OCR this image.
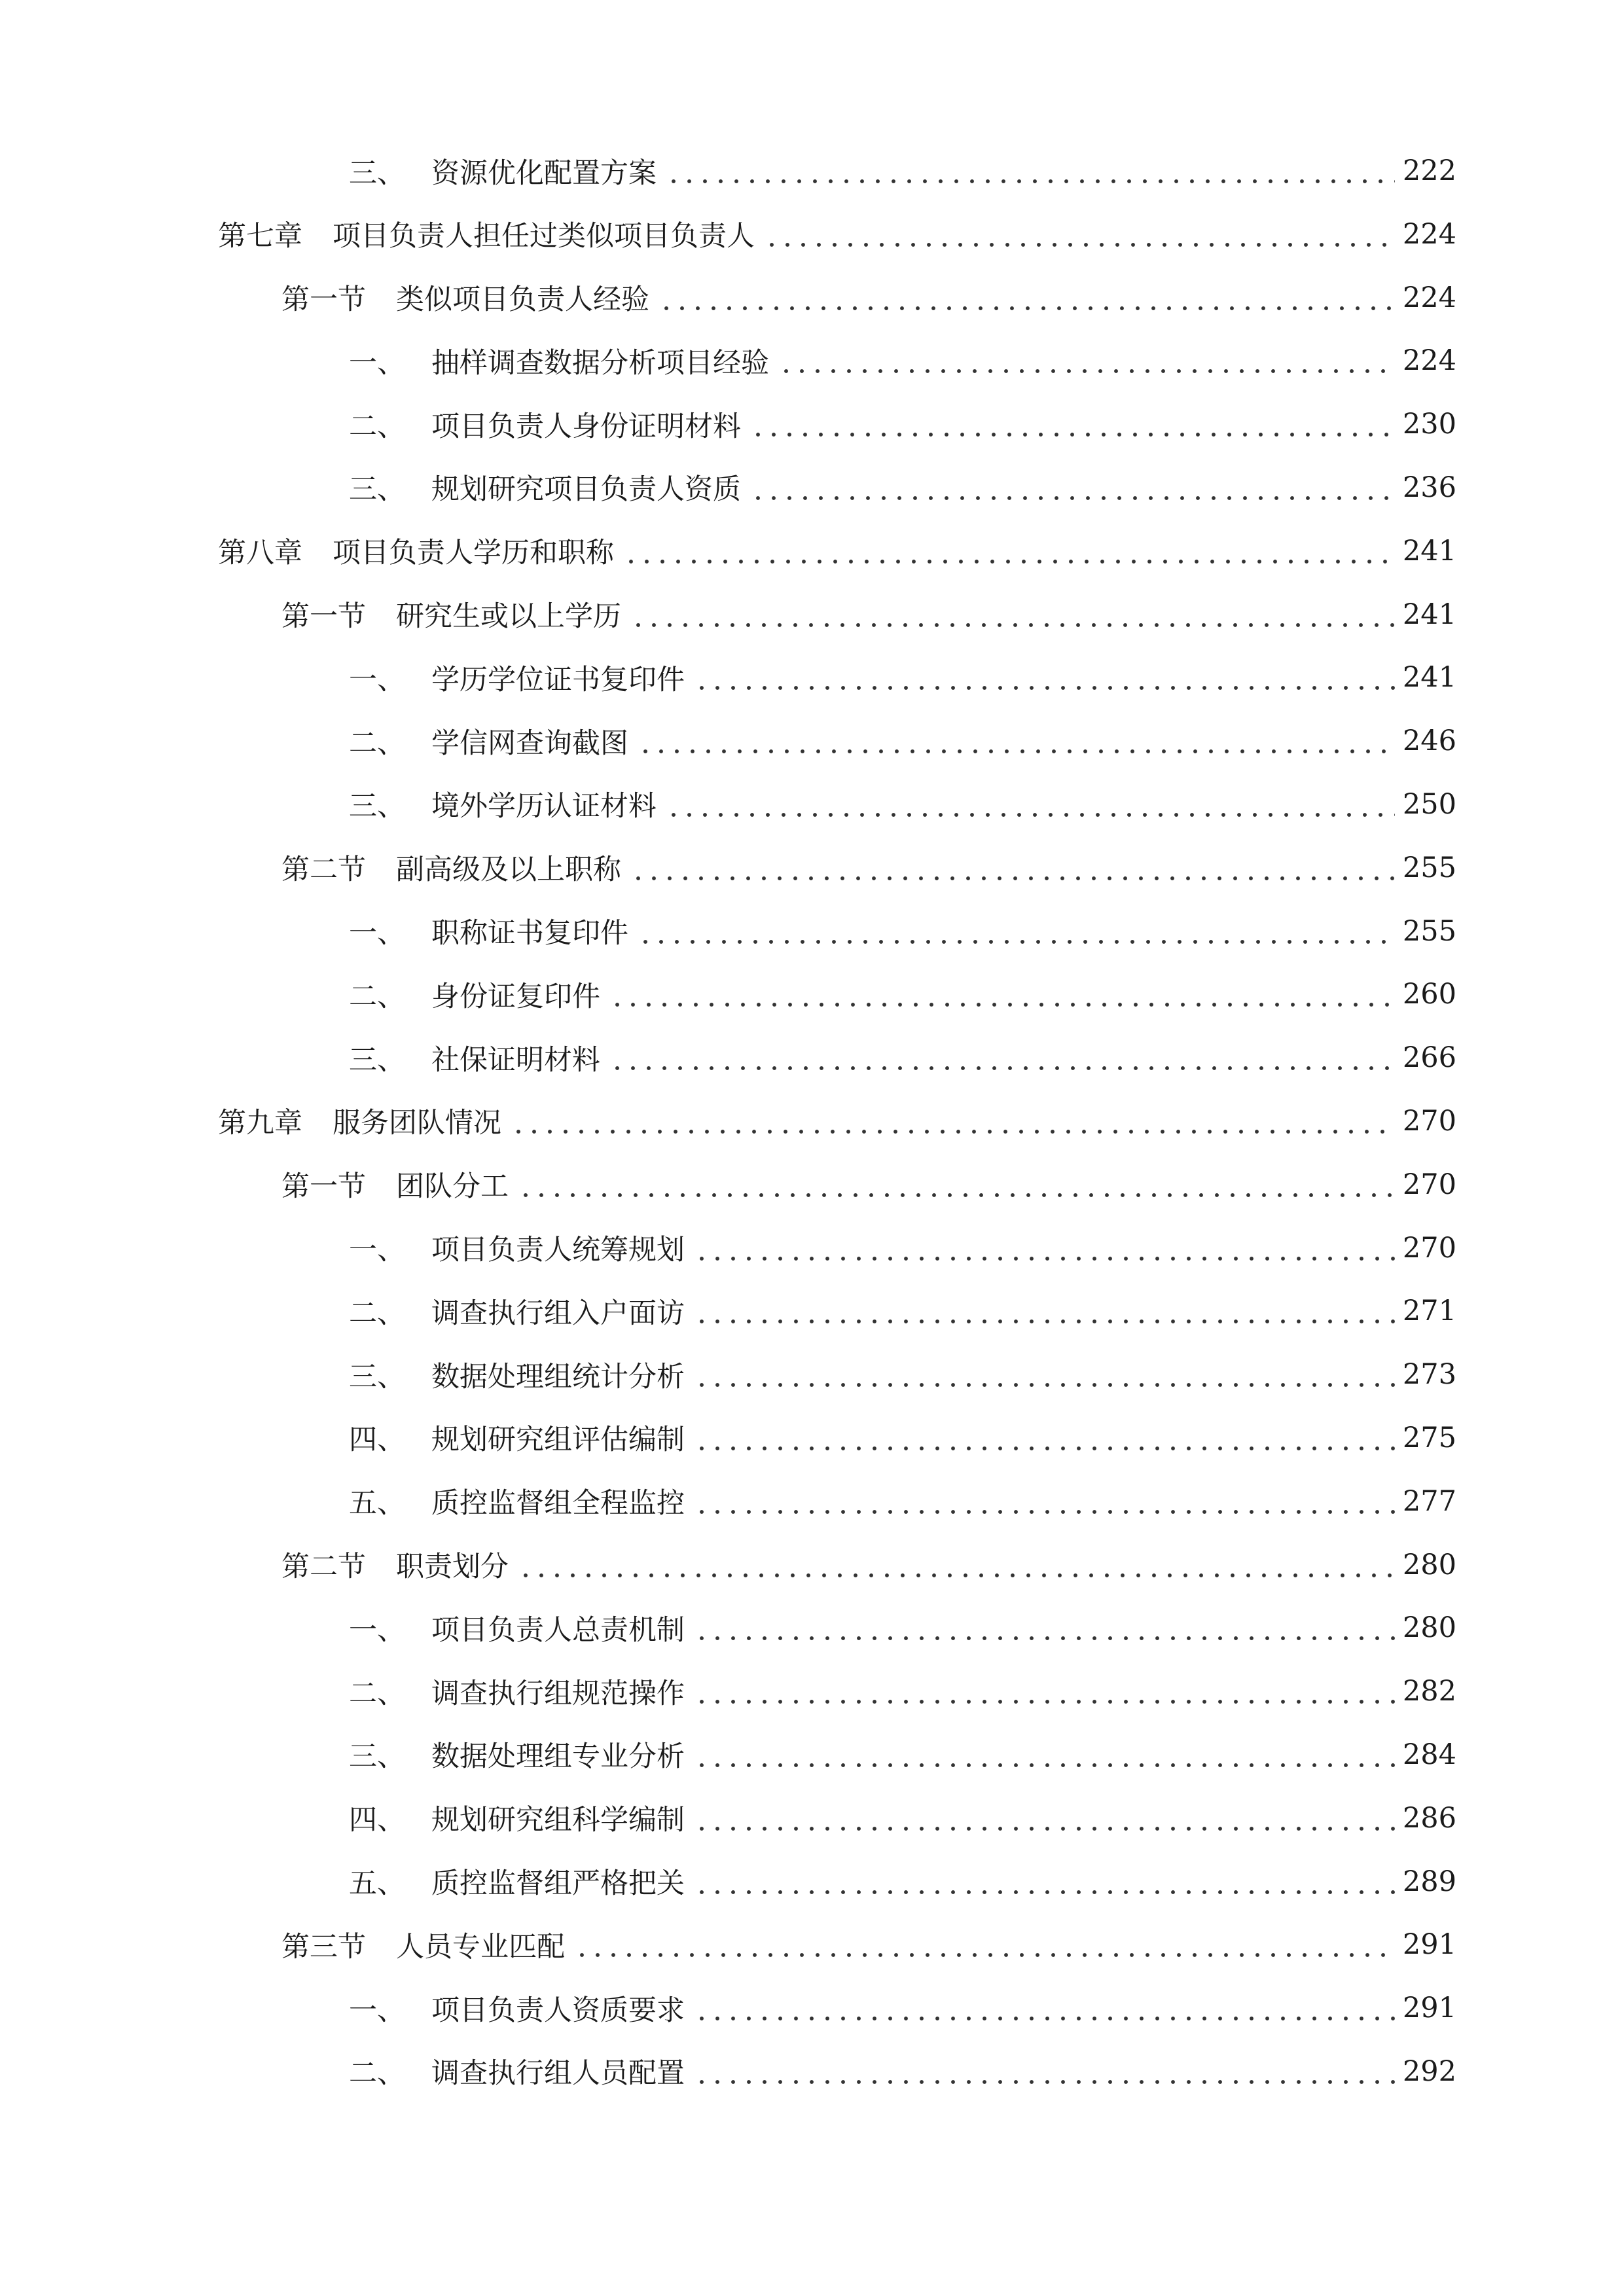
三、 资源优化配置方案	222
第七章	项目负责人担任过类似项目负责人	224
第一节	类似项目负责人经验	224
一、 抽样调查数据分析项目经验	224
二、 项目负责人身份证明材料	230
三、 规划研究项目负责人资质	236
第八章	项目负责人学历和职称	241
第一节	研究生或以上学历	241
一、 学历学位证书复印件	241
二、 学信网查询截图	246
三、 境外学历认证材料	250
第二节	副高级及以上职称	255
一、 职称证书复印件	255
二、 身份证复印件	260
三、 社保证明材料	266
第九章	服务团队情况	270
第一节	团队分工	270
一、 项目负责人统筹规划	270
二、 调查执行组入户面访	271
三、 数据处理组统计分析	273
四、 规划研究组评估编制	275
五、 质控监督组全程监控	277
第二节	职责划分	280
一、 项目负责人总责机制	280
二、 调查执行组规范操作	282
三、 数据处理组专业分析	284
四、 规划研究组科学编制	286
五、 质控监督组严格把关	289
第三节	人员专业匹配	291
一、 项目负责人资质要求	291
二、 调查执行组人员配置	292
